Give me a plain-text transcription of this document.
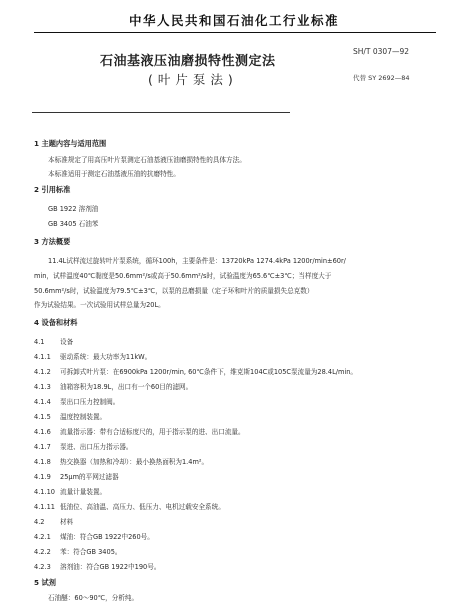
中华人民共和国石油化工行业标准
石油基液压油磨损特性测定法
(叶片泵法)
SH/T 0307—92
代替 SY 2692—84
1 主题内容与适用范围
本标准规定了用高压叶片泵测定石油基液压油磨损特性的具体方法。
本标准适用于测定石油基液压油的抗磨特性。
2 引用标准
GB 1922 溶剂油
GB 3405 石油苯
3 方法概要
11.4L试样流过旋转叶片泵系统，循环100h，主要条件是：13720kPa 1274.4kPa 1200r/min±60r/
min，试样温度40℃黏度是50.6mm²/s或高于50.6mm²/s时，试验温度为65.6℃±3℃；当样度大于
50.6mm²/s时，试验温度为79.5℃±3℃，以泵的总磨损量（定子环和叶片的质量损失总克数）
作为试验结果。一次试验用试样总量为20L。
4 设备和材料
4.1 设备
4.1.1 驱动系统：最大功率为11kW。
4.1.2 可拆卸式叶片泵：在6900kPa 1200r/min, 60℃条件下，维克斯104C或105C泵流量为28.4L/min。
4.1.3 油箱容积为18.9L，出口有一个60目的滤网。
4.1.4 泵出口压力控制阀。
4.1.5 温度控制装置。
4.1.6 流量指示器：带有合适标度尺的，用于指示泵的进、出口流量。
4.1.7 泵进、出口压力指示器。
4.1.8 热交换器（加热和冷却）：最小换热面积为1.4m²。
4.1.9 25μm的平网过滤器
4.1.10 流量计量装置。
4.1.11 低油位、高油温、高压力、低压力、电机过载安全系统。
4.2 材料
4.2.1 煤油：符合GB 1922中260号。
4.2.2 苯：符合GB 3405。
4.2.3 溶剂油：符合GB 1922中190号。
5 试剂
石油醚：60～90℃，分析纯。
